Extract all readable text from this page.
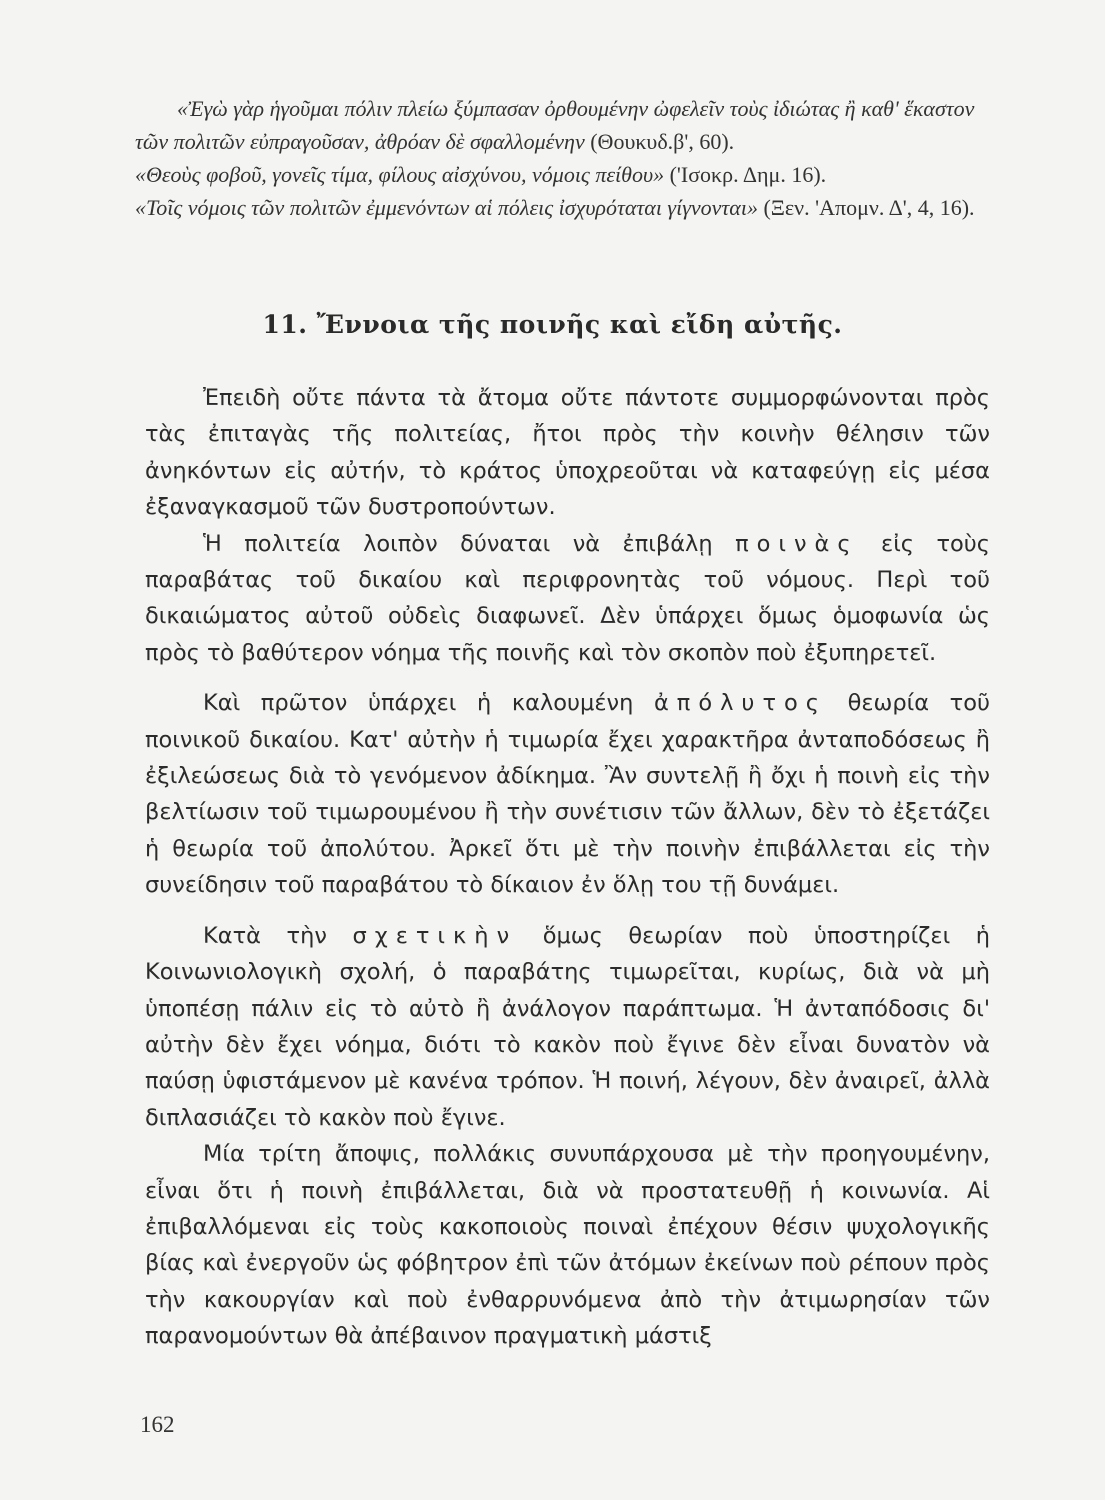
«Ἐγὼ γὰρ ἡγοῦμαι πόλιν πλείω ξύμπασαν ὀρθουμένην ὠφελεῖν τοὺς ἰδιώτας ἢ καθ' ἕκαστον τῶν πολιτῶν εὐπραγοῦσαν, ἀθρόαν δὲ σφαλλομένην (Θουκυδ.β', 60).

«Θεοὺς φοβοῦ, γονεῖς τίμα, φίλους αἰσχύνου, νόμοις πείθου» ('Ισοκρ. Δημ. 16).

«Τοῖς νόμοις τῶν πολιτῶν ἐμμενόντων αἱ πόλεις ἰσχυρόταται γίγνονται» (Ξεν. 'Απομν. Δ', 4, 16).

11. Ἔννοια τῆς ποινῆς καὶ εἴδη αὐτῆς.

Ἐπειδὴ οὔτε πάντα τὰ ἄτομα οὔτε πάντοτε συμμορφώνονται πρὸς τὰς ἐπιταγὰς τῆς πολιτείας, ἤτοι πρὸς τὴν κοινὴν θέλησιν τῶν ἀνηκόντων εἰς αὐτήν, τὸ κράτος ὑποχρεοῦται νὰ καταφεύγῃ εἰς μέσα ἐξαναγκασμοῦ τῶν δυστροπούντων.

Ἡ πολιτεία λοιπὸν δύναται νὰ ἐπιβάλῃ ποινὰς εἰς τοὺς παραβάτας τοῦ δικαίου καὶ περιφρονητὰς τοῦ νόμους. Περὶ τοῦ δικαιώματος αὐτοῦ οὐδεὶς διαφωνεῖ. Δὲν ὑπάρχει ὅμως ὁμοφωνία ὡς πρὸς τὸ βαθύτερον νόημα τῆς ποινῆς καὶ τὸν σκοπὸν ποὺ ἐξυπηρετεῖ.

Καὶ πρῶτον ὑπάρχει ἡ καλουμένη ἀπόλυτος θεωρία τοῦ ποινικοῦ δικαίου. Κατ' αὐτὴν ἡ τιμωρία ἔχει χαρακτῆρα ἀνταποδόσεως ἢ ἐξιλεώσεως διὰ τὸ γενόμενον ἀδίκημα. Ἂν συντελῇ ἢ ὄχι ἡ ποινὴ εἰς τὴν βελτίωσιν τοῦ τιμωρουμένου ἢ τὴν συνέτισιν τῶν ἄλλων, δὲν τὸ ἐξετάζει ἡ θεωρία τοῦ ἀπολύτου. Ἀρκεῖ ὅτι μὲ τὴν ποινὴν ἐπιβάλλεται εἰς τὴν συνείδησιν τοῦ παραβάτου τὸ δίκαιον ἐν ὅλῃ του τῇ δυνάμει.

Κατὰ τὴν σχετικὴν ὅμως θεωρίαν ποὺ ὑποστηρίζει ἡ Κοινωνιολογικὴ σχολή, ὁ παραβάτης τιμωρεῖται, κυρίως, διὰ νὰ μὴ ὑποπέσῃ πάλιν εἰς τὸ αὐτὸ ἢ ἀνάλογον παράπτωμα. Ἡ ἀνταπόδοσις δι' αὐτὴν δὲν ἔχει νόημα, διότι τὸ κακὸν ποὺ ἔγινε δὲν εἶναι δυνατὸν νὰ παύσῃ ὑφιστάμενον μὲ κανένα τρόπον. Ἡ ποινή, λέγουν, δὲν ἀναιρεῖ, ἀλλὰ διπλασιάζει τὸ κακὸν ποὺ ἔγινε.

Μία τρίτη ἄποψις, πολλάκις συνυπάρχουσα μὲ τὴν προηγουμένην, εἶναι ὅτι ἡ ποινὴ ἐπιβάλλεται, διὰ νὰ προστατευθῇ ἡ κοινωνία. Αἱ ἐπιβαλλόμεναι εἰς τοὺς κακοποιοὺς ποιναὶ ἐπέχουν θέσιν ψυχολογικῆς βίας καὶ ἐνεργοῦν ὡς φόβητρον ἐπὶ τῶν ἀτόμων ἐκείνων ποὺ ρέπουν πρὸς τὴν κακουργίαν καὶ ποὺ ἐνθαρρυνόμενα ἀπὸ τὴν ἀτιμωρησίαν τῶν παρανομούντων θὰ ἀπέβαινον πραγματικὴ μάστιξ

162
